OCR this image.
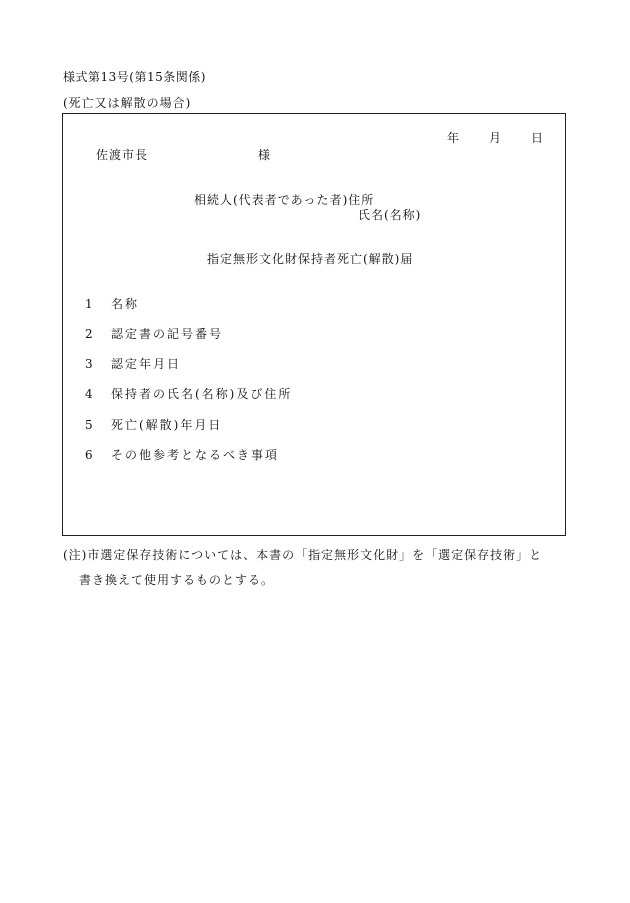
様式第13号(第15条関係)
(死亡又は解散の場合)
年	月	日
佐渡市長	様
相続人(代表者であった者)住所
氏名(名称)
指定無形文化財保持者死亡(解散)届
1 名称
2 認定書の記号番号
3 認定年月日
4 保持者の氏名(名称)及び住所
5 死亡(解散)年月日
6 その他参考となるべき事項
(注)市選定保存技術については、本書の「指定無形文化財」を「選定保存技術」と
書き換えて使用するものとする。
